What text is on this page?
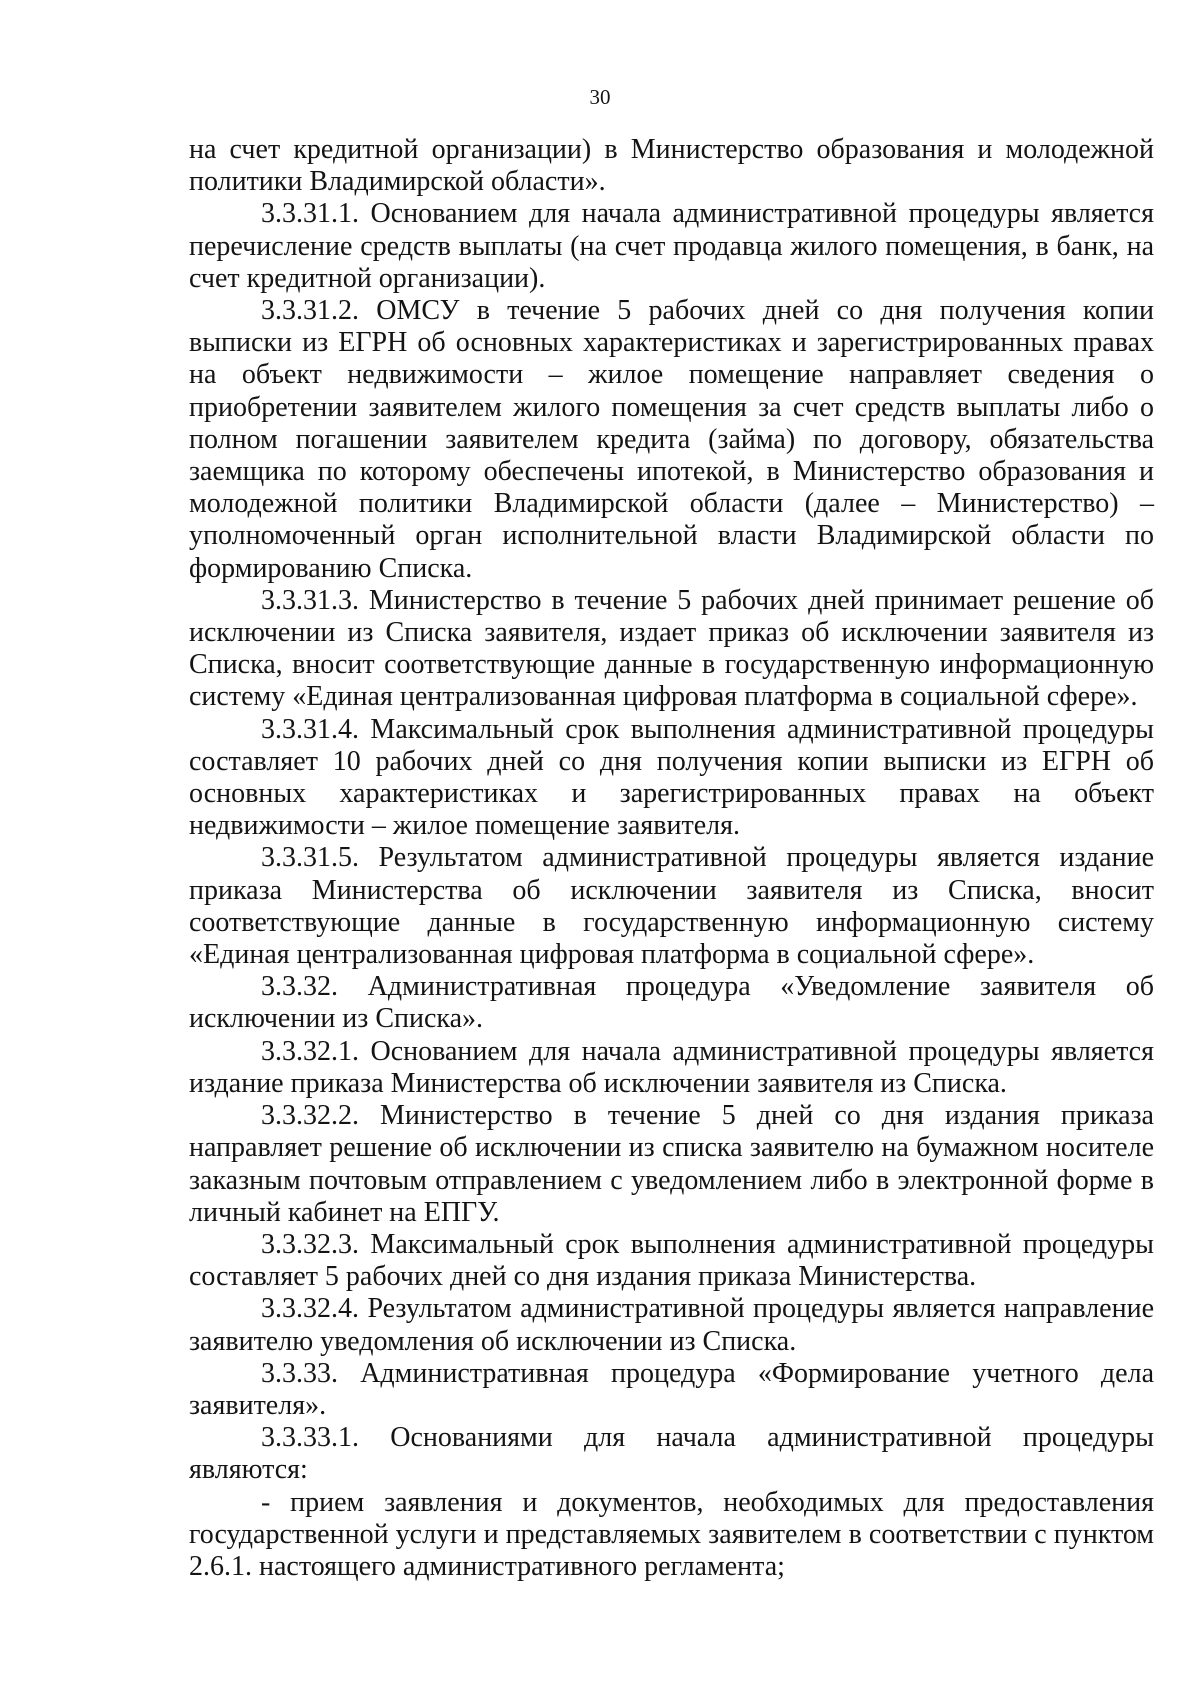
30

на счет кредитной организации) в Министерство образования и молодежной политики Владимирской области».

3.3.31.1. Основанием для начала административной процедуры является перечисление средств выплаты (на счет продавца жилого помещения, в банк, на счет кредитной организации).

3.3.31.2. ОМСУ в течение 5 рабочих дней со дня получения копии выписки из ЕГРН об основных характеристиках и зарегистрированных правах на объект недвижимости – жилое помещение направляет сведения о приобретении заявителем жилого помещения за счет средств выплаты либо о полном погашении заявителем кредита (займа) по договору, обязательства заемщика по которому обеспечены ипотекой, в Министерство образования и молодежной политики Владимирской области (далее – Министерство) – уполномоченный орган исполнительной власти Владимирской области по формированию Списка.

3.3.31.3. Министерство в течение 5 рабочих дней принимает решение об исключении из Списка заявителя, издает приказ об исключении заявителя из Списка, вносит соответствующие данные в государственную информационную систему «Единая централизованная цифровая платформа в социальной сфере».

3.3.31.4. Максимальный срок выполнения административной процедуры составляет 10 рабочих дней со дня получения копии выписки из ЕГРН об основных характеристиках и зарегистрированных правах на объект недвижимости – жилое помещение заявителя.

3.3.31.5. Результатом административной процедуры является издание приказа Министерства об исключении заявителя из Списка, вносит соответствующие данные в государственную информационную систему «Единая централизованная цифровая платформа в социальной сфере».

3.3.32. Административная процедура «Уведомление заявителя об исключении из Списка».

3.3.32.1. Основанием для начала административной процедуры является издание приказа Министерства об исключении заявителя из Списка.

3.3.32.2. Министерство в течение 5 дней со дня издания приказа направляет решение об исключении из списка заявителю на бумажном носителе заказным почтовым отправлением с уведомлением либо в электронной форме в личный кабинет на ЕПГУ.

3.3.32.3. Максимальный срок выполнения административной процедуры составляет 5 рабочих дней со дня издания приказа Министерства.

3.3.32.4. Результатом административной процедуры является направление заявителю уведомления об исключении из Списка.

3.3.33. Административная процедура «Формирование учетного дела заявителя».

3.3.33.1. Основаниями для начала административной процедуры являются:

- прием заявления и документов, необходимых для предоставления государственной услуги и представляемых заявителем в соответствии с пунктом 2.6.1. настоящего административного регламента;
